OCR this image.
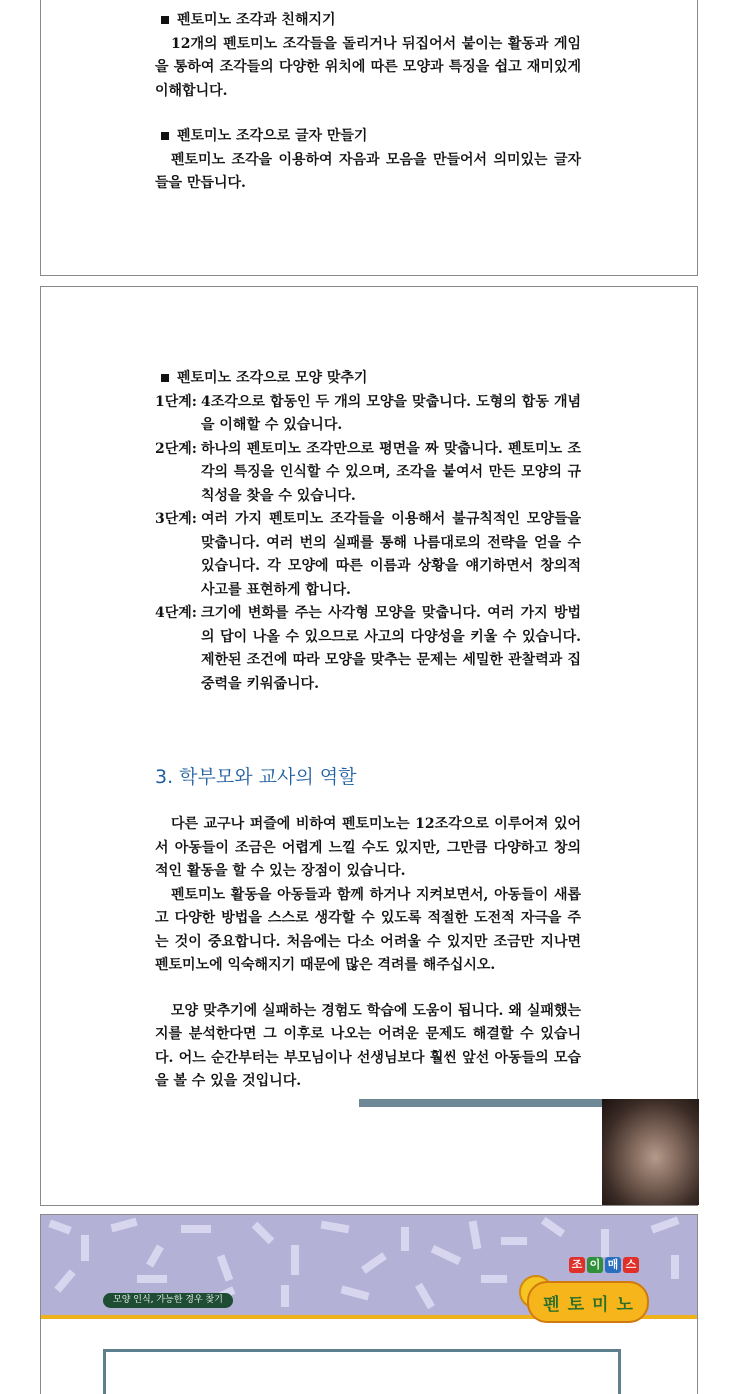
펜토미노 조각과 친해지기

12개의 펜토미노 조각들을 돌리거나 뒤집어서 붙이는 활동과 게임을 통하여 조각들의 다양한 위치에 따른 모양과 특징을 쉽고 재미있게 이해합니다.

펜토미노 조각으로 글자 만들기

펜토미노 조각을 이용하여 자음과 모음을 만들어서 의미있는 글자들을 만듭니다.

펜토미노 조각으로 모양 맞추기

1단계: 4조각으로 합동인 두 개의 모양을 맞춥니다. 도형의 합동 개념을 이해할 수 있습니다.
2단계: 하나의 펜토미노 조각만으로 평면을 짜 맞춥니다. 펜토미노 조각의 특징을 인식할 수 있으며, 조각을 붙여서 만든 모양의 규칙성을 찾을 수 있습니다.
3단계: 여러 가지 펜토미노 조각들을 이용해서 불규칙적인 모양들을 맞춥니다. 여러 번의 실패를 통해 나름대로의 전략을 얻을 수 있습니다. 각 모양에 따른 이름과 상황을 얘기하면서 창의적 사고를 표현하게 합니다.
4단계: 크기에 변화를 주는 사각형 모양을 맞춥니다. 여러 가지 방법의 답이 나올 수 있으므로 사고의 다양성을 키울 수 있습니다. 제한된 조건에 따라 모양을 맞추는 문제는 세밀한 관찰력과 집중력을 키워줍니다.
3. 학부모와 교사의 역할

다른 교구나 퍼즐에 비하여 펜토미노는 12조각으로 이루어져 있어서 아동들이 조금은 어렵게 느낄 수도 있지만, 그만큼 다양하고 창의적인 활동을 할 수 있는 장점이 있습니다.

펜토미노 활동을 아동들과 함께 하거나 지켜보면서, 아동들이 새롭고 다양한 방법을 스스로 생각할 수 있도록 적절한 도전적 자극을 주는 것이 중요합니다. 처음에는 다소 어려울 수 있지만 조금만 지나면 펜토미노에 익숙해지기 때문에 많은 격려를 해주십시오.

모양 맞추기에 실패하는 경험도 학습에 도움이 됩니다. 왜 실패했는지를 분석한다면 그 이후로 나오는 어려운 문제도 해결할 수 있습니다. 어느 순간부터는 부모님이나 선생님보다 훨씬 앞선 아동들의 모습을 볼 수 있을 것입니다.

모양 인식, 가능한 경우 찾기
조 이 매 스
펜 토 미 노
